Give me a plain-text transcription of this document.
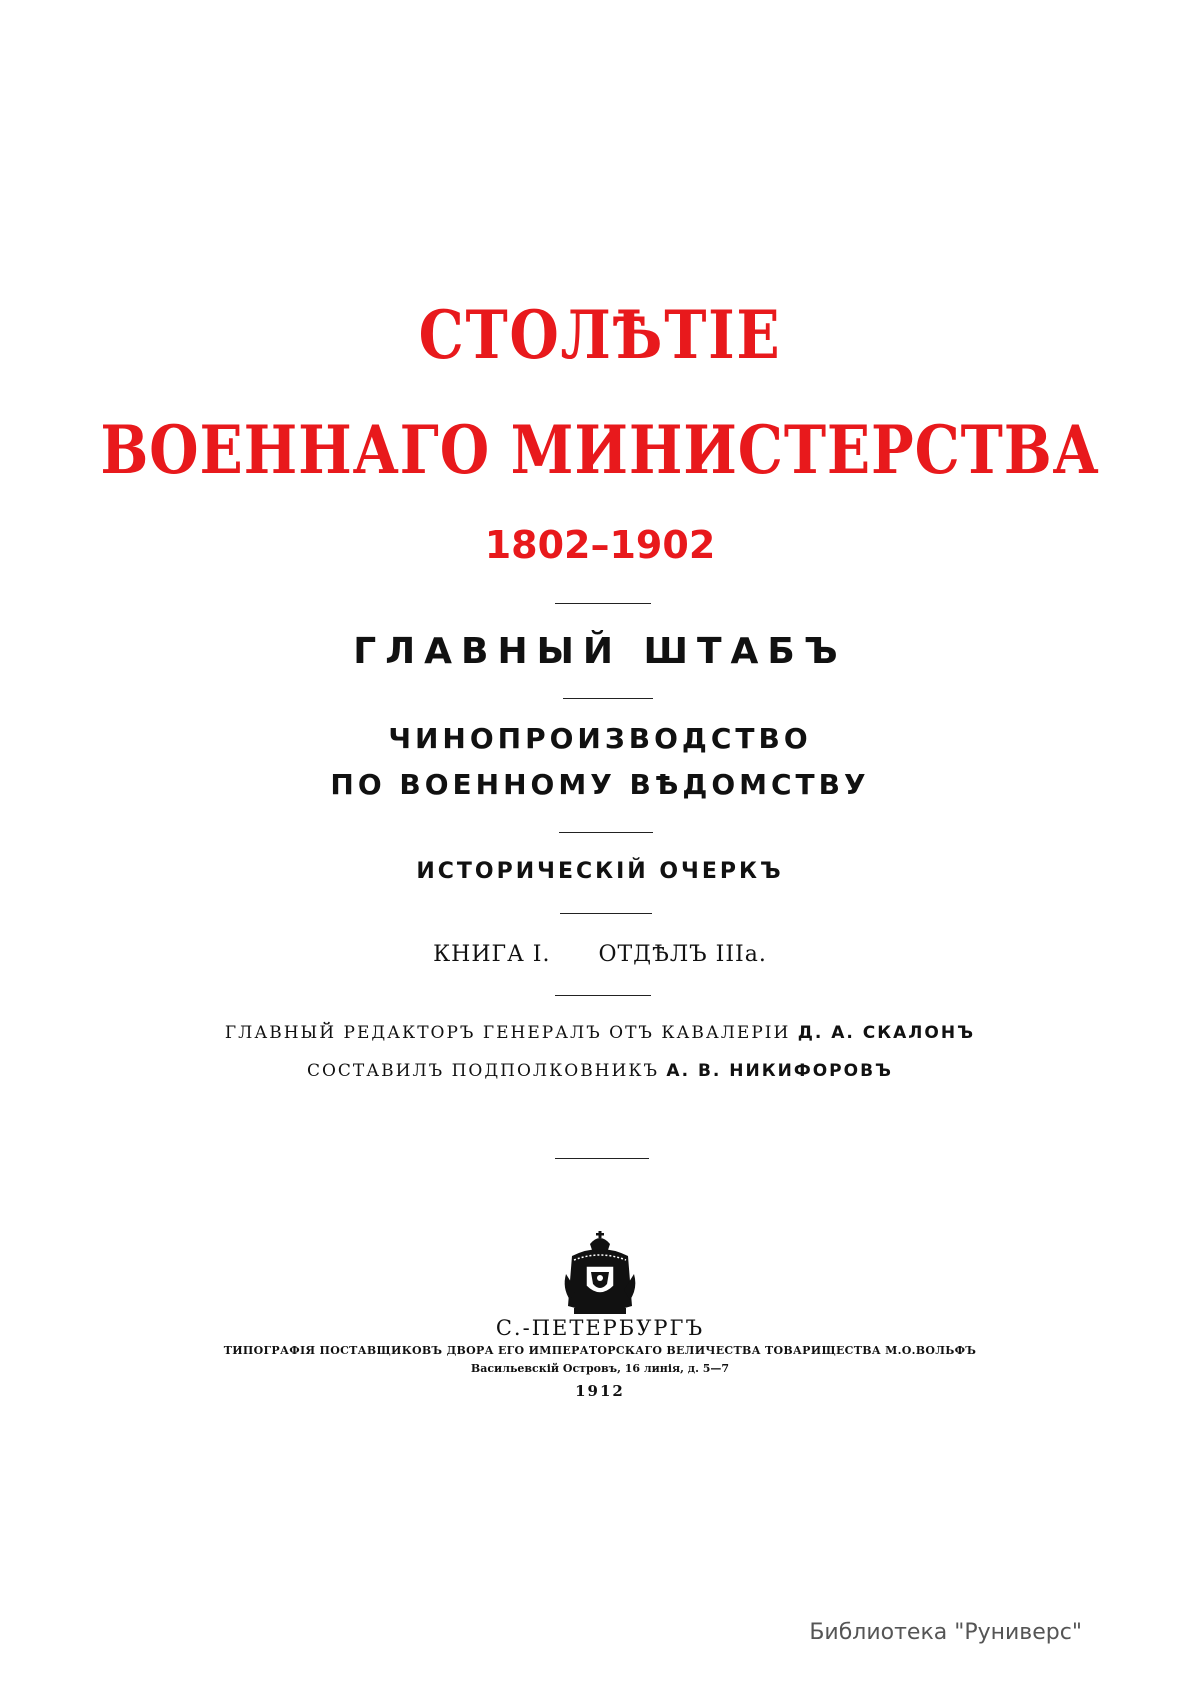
СТОЛѢТІЕ
ВОЕННАГО МИНИСТЕРСТВА
1802–1902
ГЛАВНЫЙ ШТАБЪ
ЧИНОПРОИЗВОДСТВО
ПО ВОЕННОМУ ВѢДОМСТВУ
ИСТОРИЧЕСКІЙ ОЧЕРКЪ
КНИГА I. ОТДѢЛЪ IIIа.
ГЛАВНЫЙ РЕДАКТОРЪ ГЕНЕРАЛЪ ОТЪ КАВАЛЕРІИ Д. А. СКАЛОНЪ
СОСТАВИЛЪ ПОДПОЛКОВНИКЪ А. В. НИКИФОРОВЪ
С.-ПЕТЕРБУРГЪ
ТИПОГРАФІЯ ПОСТАВЩИКОВЪ ДВОРА ЕГО ИМПЕРАТОРСКАГО ВЕЛИЧЕСТВА ТОВАРИЩЕСТВА М.О.ВОЛЬФЪ
Васильевскій Островъ, 16 линія, д. 5—7
1912
Библиотека "Руниверс"
